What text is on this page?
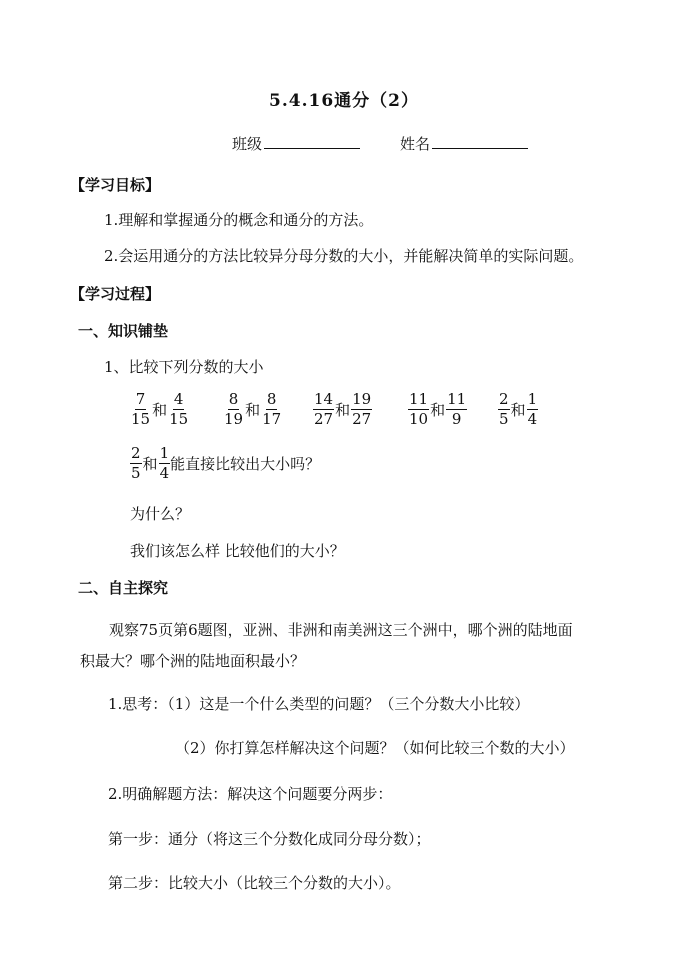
5.4.16通分（2）
班级	姓名
【学习目标】
1.理解和掌握通分的概念和通分的方法。
2.会运用通分的方法比较异分母分数的大小，并能解决简单的实际问题。
【学习过程】
一、知识铺垫
1、比较下列分数的大小
$\frac{7}{15}$ 和 $\frac{4}{15} \frac{8}{19}$ 和 $\frac{8}{17} \frac{14}{27}$ 和 $\frac{19}{27} \frac{11}{10}$ 和 $\frac{11}{9} \frac{2}{5}$ 和 $\frac{1}{4}$
$\frac{2}{5}$ 和 $\frac{1}{4}$ 能直接比较出大小吗？
为什么？
我们该怎么样 比较他们的大小？
二、自主探究
观察75页第6题图，亚洲、非洲和南美洲这三个洲中，哪个洲的陆地面
积最大？哪个洲的陆地面积最小？
1.思考：（1）这是一个什么类型的问题？（三个分数大小比较）
（2）你打算怎样解决这个问题？（如何比较三个数的大小）
2.明确解题方法：解决这个问题要分两步：
第一步：通分（将这三个分数化成同分母分数）；
第二步：比较大小（比较三个分数的大小）。
